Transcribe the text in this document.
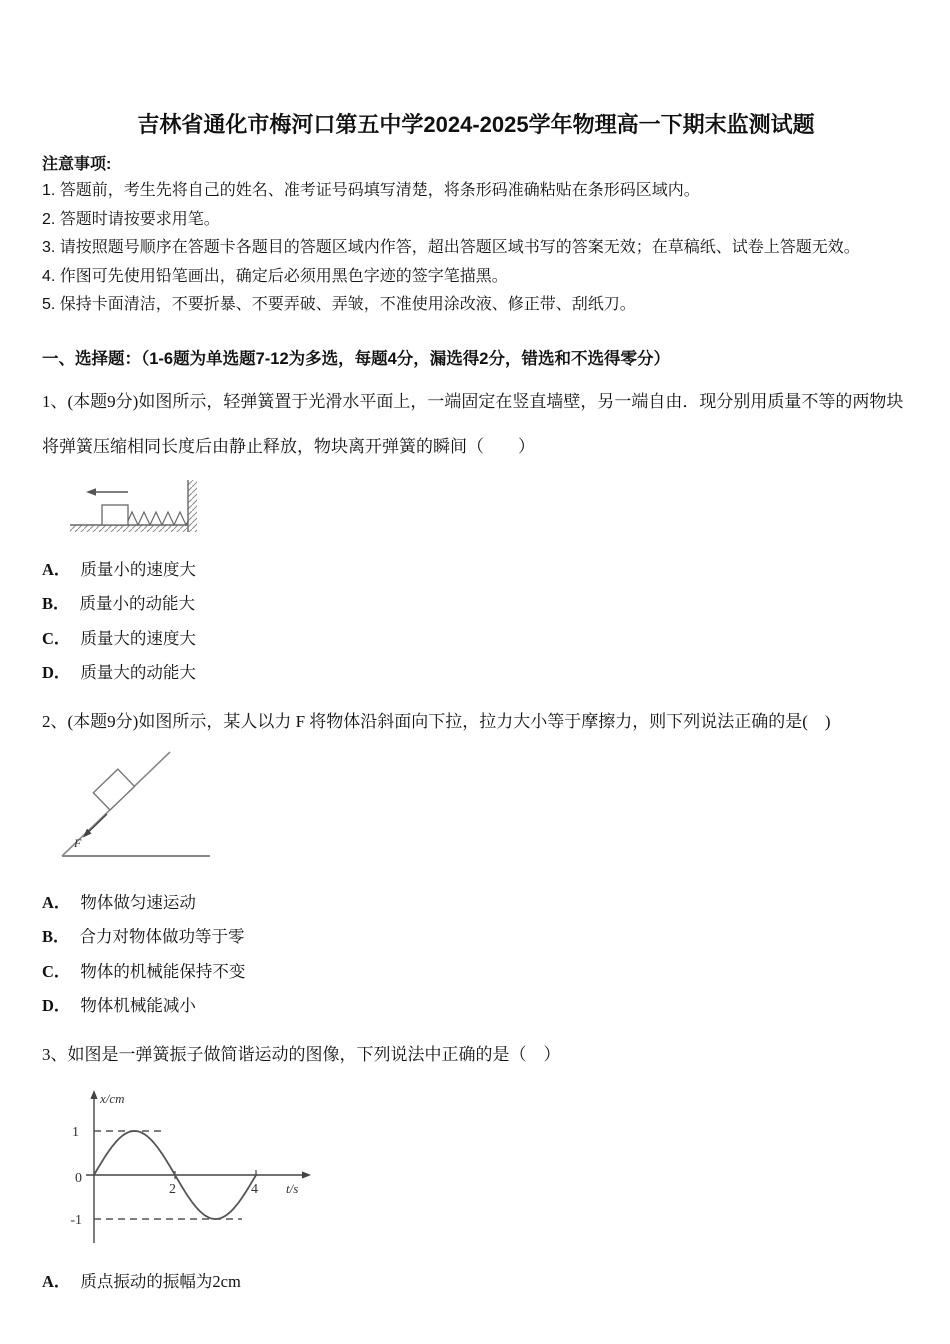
吉林省通化市梅河口第五中学2024-2025学年物理高一下期末监测试题
注意事项:
1. 答题前，考生先将自己的姓名、准考证号码填写清楚，将条形码准确粘贴在条形码区域内。
2. 答题时请按要求用笔。
3. 请按照题号顺序在答题卡各题目的答题区域内作答，超出答题区域书写的答案无效；在草稿纸、试卷上答题无效。
4. 作图可先使用铅笔画出，确定后必须用黑色字迹的签字笔描黑。
5. 保持卡面清洁，不要折暴、不要弄破、弄皱，不准使用涂改液、修正带、刮纸刀。
一、选择题：（1-6题为单选题7-12为多选，每题4分，漏选得2分，错选和不选得零分）

1、(本题9分)如图所示，轻弹簧置于光滑水平面上，一端固定在竖直墙壁，另一端自由．现分别用质量不等的两物块将弹簧压缩相同长度后由静止释放，物块离开弹簧的瞬间（　　）

A． 质量小的速度大
B． 质量小的动能大
C． 质量大的速度大
D． 质量大的动能大

2、(本题9分)如图所示，某人以力 F 将物体沿斜面向下拉，拉力大小等于摩擦力，则下列说法正确的是(　)

F
A． 物体做匀速运动
B． 合力对物体做功等于零
C． 物体的机械能保持不变
D． 物体机械能减小

3、如图是一弹簧振子做简谐运动的图像，下列说法中正确的是（　）

x/cm
t/s
1
0
-1
2	4
A． 质点振动的振幅为2cm
